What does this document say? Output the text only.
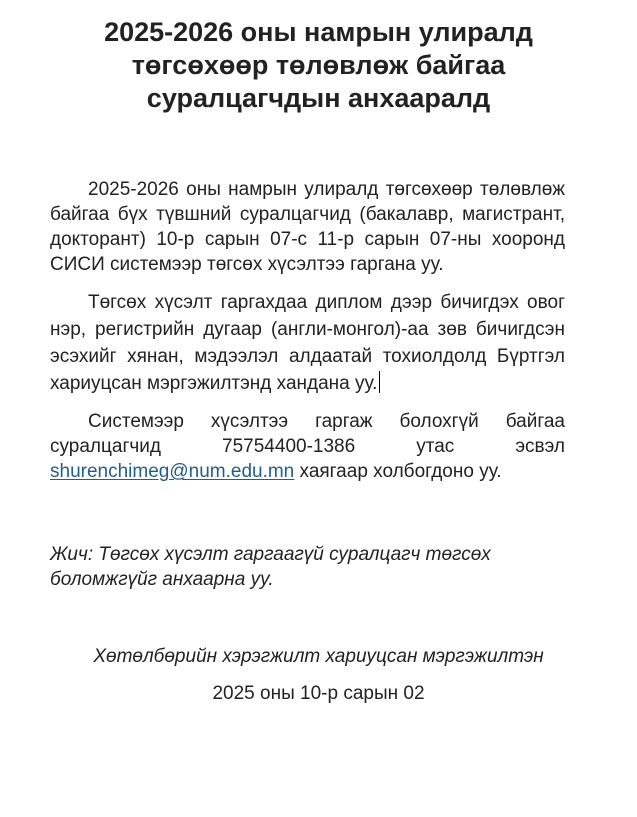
2025-2026 оны намрын улиралд
төгсөхөөр төлөвлөж байгаа
суралцагчдын анхааралд

2025-2026 оны намрын улиралд төгсөхөөр төлөвлөж байгаа бүх түвшний суралцагчид (бакалавр, магистрант, докторант) 10-р сарын 07-с 11-р сарын 07-ны хооронд СИСИ системээр төгсөх хүсэлтээ гаргана уу.

Төгсөх хүсэлт гаргахдаа диплом дээр бичигдэх овог нэр, регистрийн дугаар (англи-монгол)-аа зөв бичигдсэн эсэхийг хянан, мэдээлэл алдаатай тохиолдолд Бүртгэл хариуцсан мэргэжилтэнд хандана уу.

Системээр хүсэлтээ гаргаж болохгүй байгаа суралцагчид 75754400-1386 утас эсвэл shurenchimeg@num.edu.mn хаягаар холбогдоно уу.

Жич: Төгсөх хүсэлт гаргаагүй суралцагч төгсөх боломжгүйг анхаарна уу.

Хөтөлбөрийн хэрэгжилт хариуцсан мэргэжилтэн

2025 оны 10-р сарын 02
